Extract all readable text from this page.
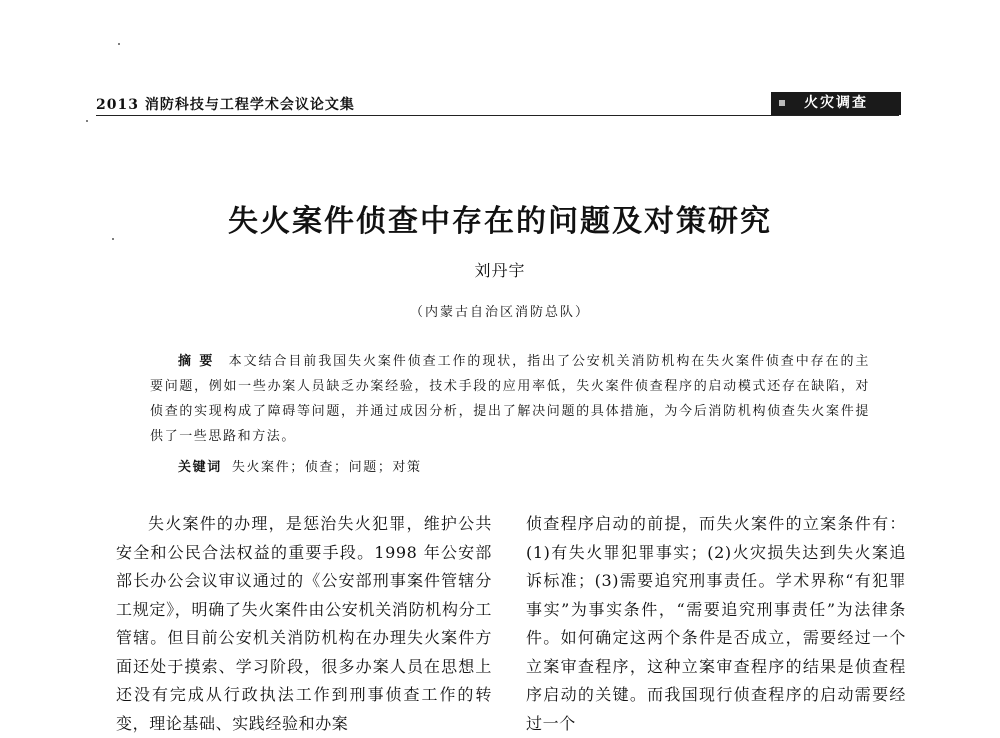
2013 消防科技与工程学术会议论文集	火灾调查
失火案件侦查中存在的问题及对策研究
刘丹宇
（内蒙古自治区消防总队）

摘要 本文结合目前我国失火案件侦查工作的现状，指出了公安机关消防机构在失火案件侦查中存在的主要问题，例如一些办案人员缺乏办案经验，技术手段的应用率低，失火案件侦查程序的启动模式还存在缺陷，对侦查的实现构成了障碍等问题，并通过成因分析，提出了解决问题的具体措施，为今后消防机构侦查失火案件提供了一些思路和方法。

关键词 失火案件；侦查；问题；对策

失火案件的办理，是惩治失火犯罪，维护公共安全和公民合法权益的重要手段。1998 年公安部部长办公会议审议通过的《公安部刑事案件管辖分工规定》，明确了失火案件由公安机关消防机构分工管辖。但目前公安机关消防机构在办理失火案件方面还处于摸索、学习阶段，很多办案人员在思想上还没有完成从行政执法工作到刑事侦查工作的转变，理论基础、实践经验和办案

侦查程序启动的前提，而失火案件的立案条件有：(1)有失火罪犯罪事实；(2)火灾损失达到失火案追诉标准；(3)需要追究刑事责任。学术界称“有犯罪事实”为事实条件，“需要追究刑事责任”为法律条件。如何确定这两个条件是否成立，需要经过一个立案审查程序，这种立案审查程序的结果是侦查程序启动的关键。而我国现行侦查程序的启动需要经过一个
